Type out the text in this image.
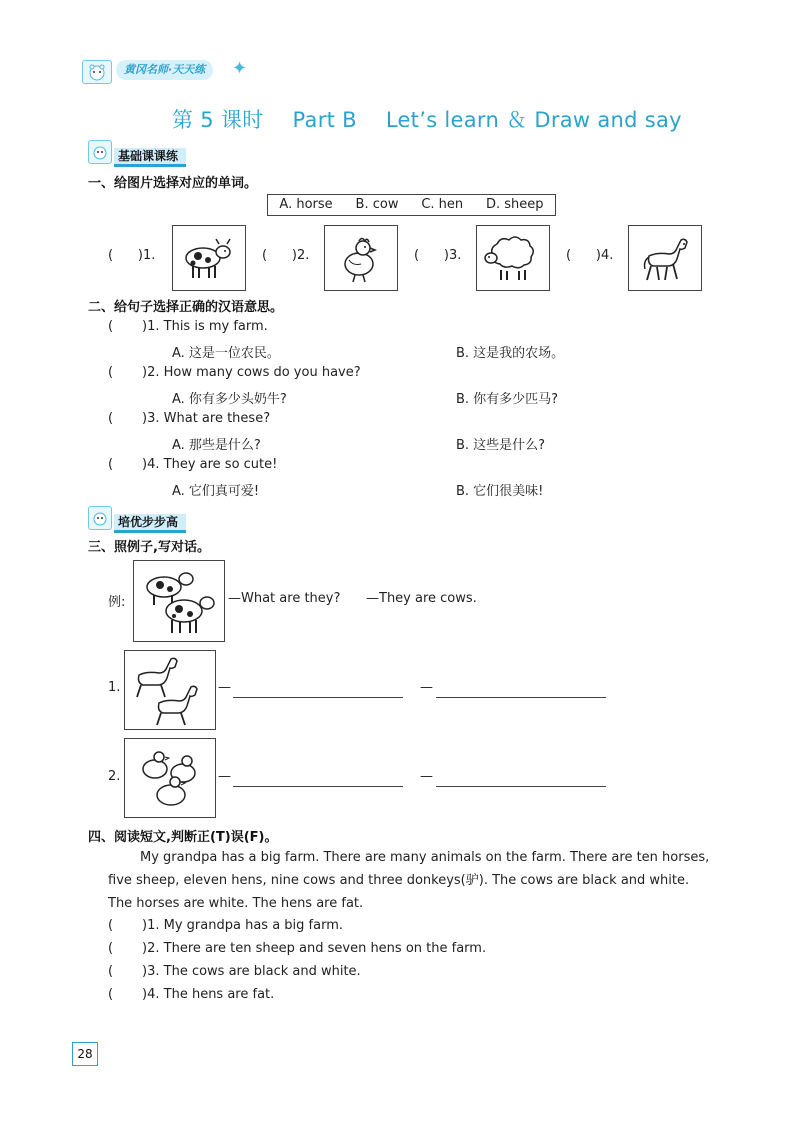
黄冈名师·天天练	✦
第 5 课时 Part B Let’s learn ＆ Draw and say
基础课课练
一、给图片选择对应的单词。
A. horse B. cow C. hen D. sheep
( )1.	( )2.	( )3.	( )4.
二、给句子选择正确的汉语意思。
( )1. This is my farm.
A. 这是一位农民。	B. 这是我的农场。
( )2. How many cows do you have?
A. 你有多少头奶牛?	B. 你有多少匹马?
( )3. What are these?
A. 那些是什么?	B. 这些是什么?
( )4. They are so cute!
A. 它们真可爱!	B. 它们很美味!
培优步步高
三、照例子,写对话。
例:	—What are they? —They are cows.
1.	—	—
2.	—	—
四、阅读短文,判断正(T)误(F)。
My grandpa has a big farm. There are many animals on the farm. There are ten horses,
five sheep, eleven hens, nine cows and three donkeys(驴). The cows are black and white.
The horses are white. The hens are fat.
( )1. My grandpa has a big farm.
( )2. There are ten sheep and seven hens on the farm.
( )3. The cows are black and white.
( )4. The hens are fat.
28
